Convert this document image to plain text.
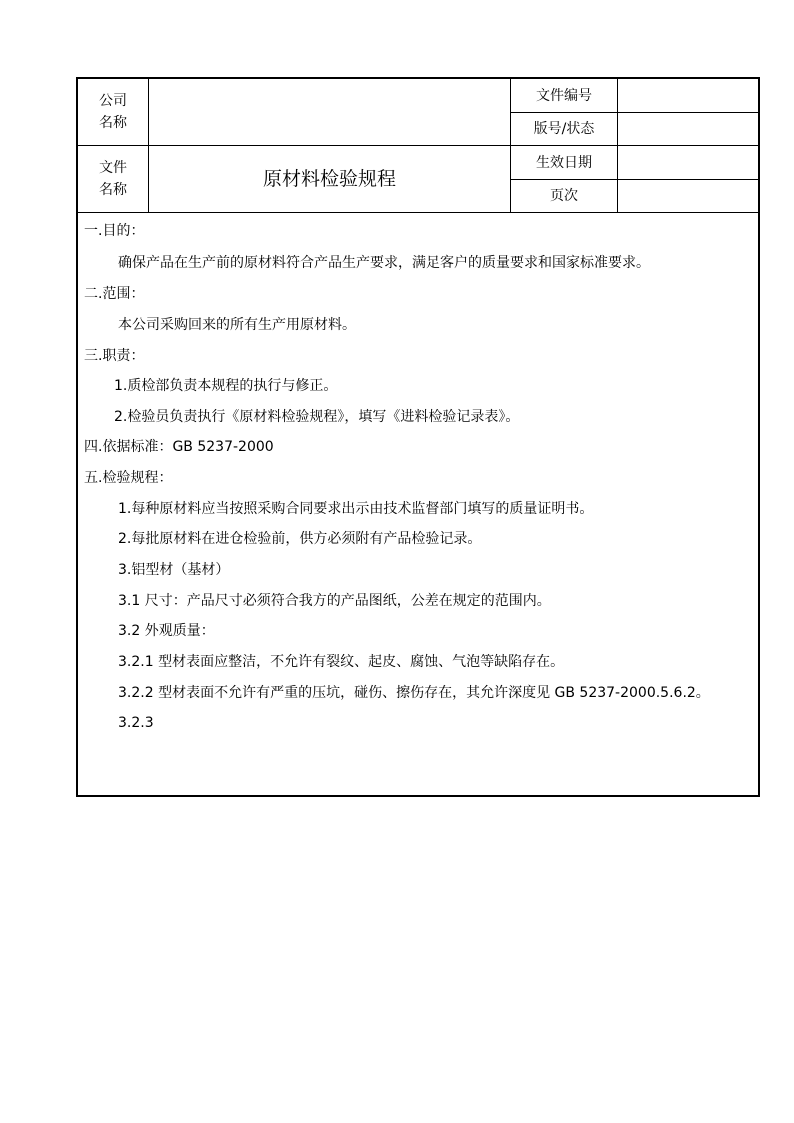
公司
名称
文件编号
版号/状态
文件
名称	原材料检验规程
生效日期
页次
一.目的：
确保产品在生产前的原材料符合产品生产要求，满足客户的质量要求和国家标准要求。
二.范围：
本公司采购回来的所有生产用原材料。
三.职责：
1.质检部负责本规程的执行与修正。
2.检验员负责执行《原材料检验规程》，填写《进料检验记录表》。
四.依据标准：GB 5237-2000
五.检验规程：
1.每种原材料应当按照采购合同要求出示由技术监督部门填写的质量证明书。
2.每批原材料在进仓检验前，供方必须附有产品检验记录。
3.铝型材（基材）
3.1 尺寸：产品尺寸必须符合我方的产品图纸，公差在规定的范围内。
3.2 外观质量：
3.2.1 型材表面应整洁，不允许有裂纹、起皮、腐蚀、气泡等缺陷存在。
3.2.2 型材表面不允许有严重的压坑，碰伤、擦伤存在，其允许深度见 GB 5237-2000.5.6.2。
3.2.3
